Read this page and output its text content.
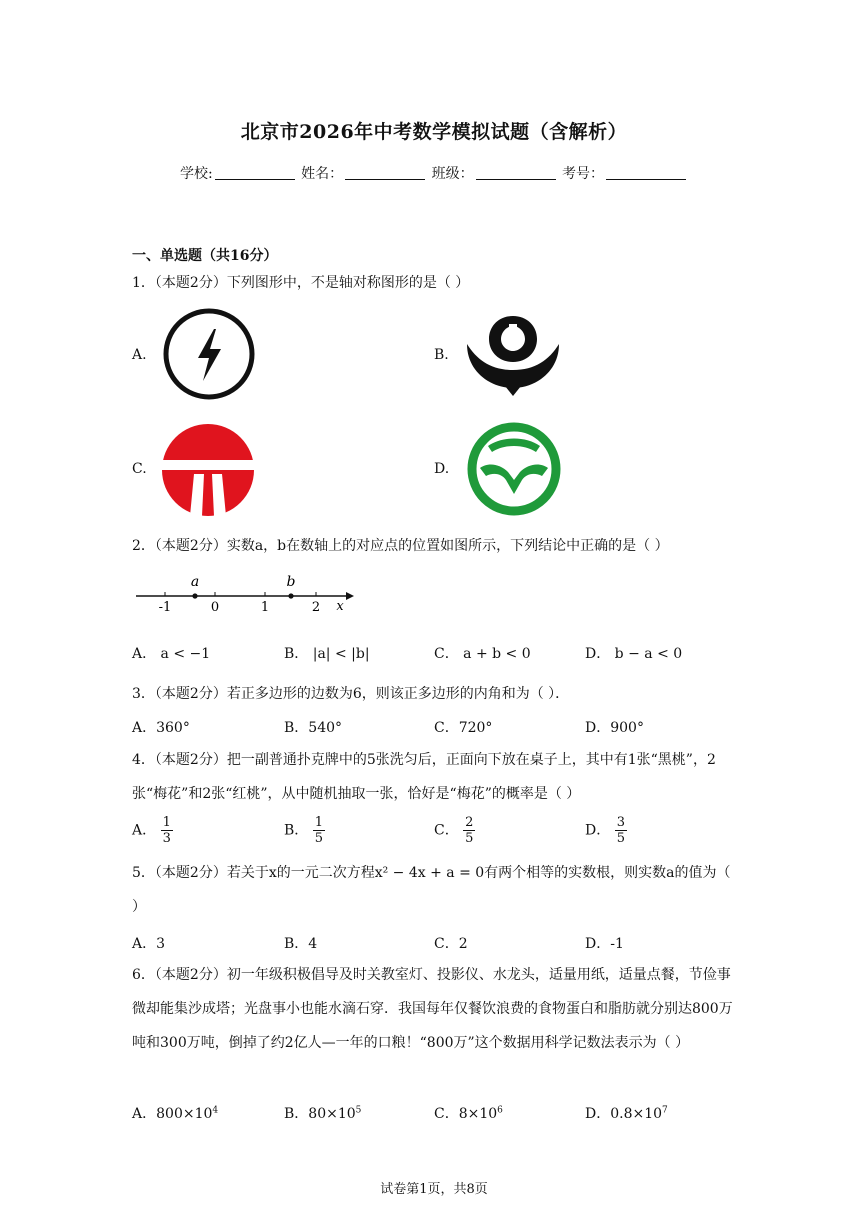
北京市2026年中考数学模拟试题（含解析）
学校:	姓名：	班级：	考号：
一、单选题（共16分）
1．（本题2分）下列图形中，不是轴对称图形的是（ ）
A.	B.
C.	D.
2．（本题2分）实数a，b在数轴上的对应点的位置如图所示，下列结论中正确的是（ ）
a	b
-1	0	1	2 x
A． a < −1	B． |a| < |b|	C． a + b < 0	D． b − a < 0
3．（本题2分）若正多边形的边数为6，则该正多边形的内角和为（ ）．
A．360°	B．540°	C．720°	D．900°
4．（本题2分）把一副普通扑克牌中的5张洗匀后，正面向下放在桌子上，其中有1张“黑桃”，2张“梅花”和2张“红桃”，从中随机抽取一张，恰好是“梅花”的概率是（ ）
A． $\frac{1}{3}$	B． $\frac{1}{5}$	C． $\frac{2}{5}$	D． $\frac{3}{5}$
5．（本题2分）若关于x的一元二次方程x² − 4x + a = 0有两个相等的实数根，则实数a的值为（ ）
A．3	B．4	C．2	D．-1
6．（本题2分）初一年级积极倡导及时关教室灯、投影仪、水龙头，适量用纸，适量点餐，节俭事微却能集沙成塔；光盘事小也能水滴石穿．我国每年仅餐饮浪费的食物蛋白和脂肪就分别达800万吨和300万吨，倒掉了约2亿人—一年的口粮！“800万”这个数据用科学记数法表示为（ ）
A．$800\times 10^4$	B．$80\times 10^5$	C．$8\times 10^6$	D．$0.8\times 10^7$
试卷第1页，共8页
